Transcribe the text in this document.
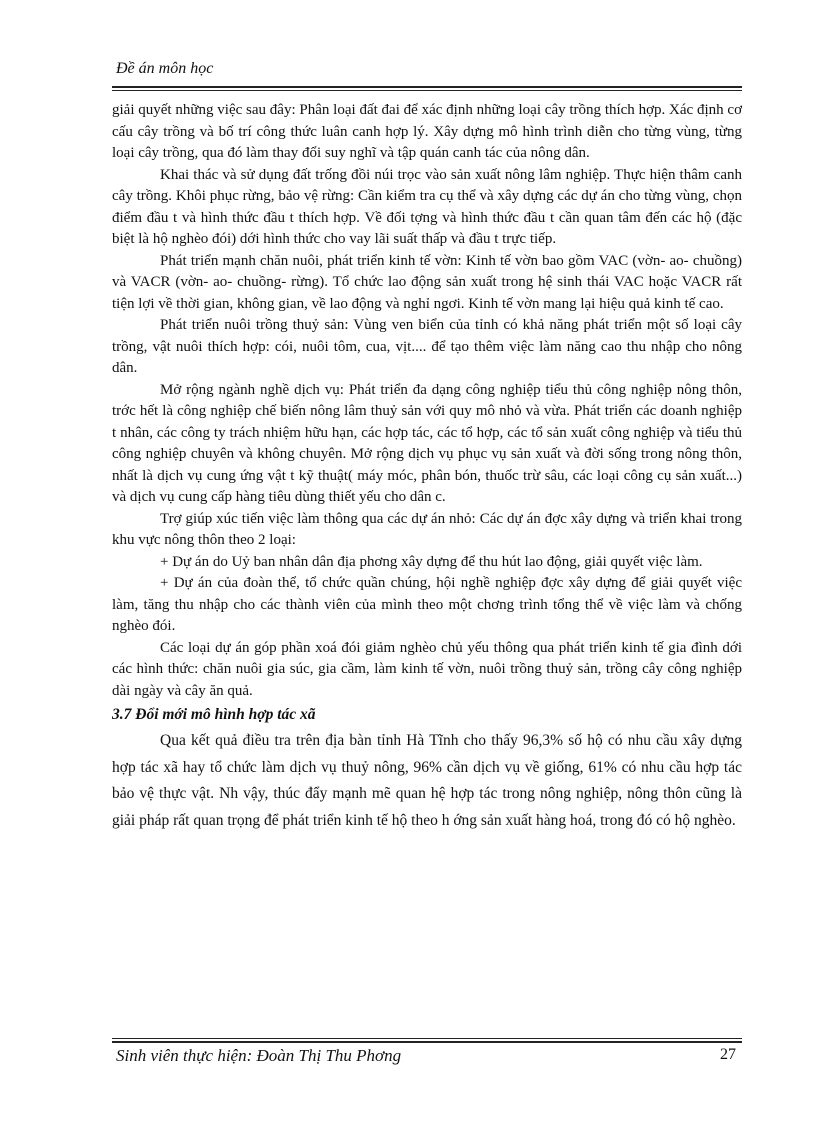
Đề án môn học

giải quyết những việc sau đây: Phân loại đất đai để xác định những loại cây trồng thích hợp. Xác định cơ cấu cây trồng và bố trí công thức luân canh hợp lý. Xây dựng mô hình trình diễn cho từng vùng, từng loại cây trồng, qua đó làm thay đổi suy nghĩ và tập quán canh tác của nông dân.

Khai thác và sử dụng đất trống đồi núi trọc vào sản xuất nông lâm nghiệp. Thực hiện thâm canh cây trồng. Khôi phục rừng, bảo vệ rừng: Cần kiểm tra cụ thể và xây dựng các dự án cho từng vùng, chọn điểm đầu t và hình thức đầu t thích hợp. Về đối tợng và hình thức đầu t cần quan tâm đến các hộ (đặc biệt là hộ nghèo đói) dới hình thức cho vay lãi suất thấp và đầu t trực tiếp.

Phát triển mạnh chăn nuôi, phát triển kinh tế vờn: Kinh tế vờn bao gồm VAC (vờn- ao- chuồng) và VACR (vờn- ao- chuồng- rừng). Tổ chức lao động sản xuất trong hệ sinh thái VAC hoặc VACR rất tiện lợi về thời gian, không gian, về lao động và nghỉ ngơi. Kinh tế vờn mang lại hiệu quả kinh tế cao.

Phát triển nuôi trồng thuỷ sản: Vùng ven biển của tỉnh có khả năng phát triển một số loại cây trồng, vật nuôi thích hợp: cói, nuôi tôm, cua, vịt.... để tạo thêm việc làm năng cao thu nhập cho nông dân.

Mở rộng ngành nghề dịch vụ: Phát triển đa dạng công nghiệp tiểu thủ công nghiệp nông thôn, trớc hết là công nghiệp chế biến nông lâm thuỷ sản với quy mô nhỏ và vừa. Phát triển các doanh nghiệp t nhân, các công ty trách nhiệm hữu hạn, các hợp tác, các tổ hợp, các tổ sản xuất công nghiệp và tiểu thủ công nghiệp chuyên và không chuyên. Mở rộng dịch vụ phục vụ sản xuất và đời sống trong nông thôn, nhất là dịch vụ cung ứng vật t kỹ thuật( máy móc, phân bón, thuốc trừ sâu, các loại công cụ sản xuất...) và dịch vụ cung cấp hàng tiêu dùng thiết yếu cho dân c.

Trợ giúp xúc tiến việc làm thông qua các dự án nhỏ: Các dự án đợc xây dựng và triển khai trong khu vực nông thôn theo 2 loại:

+ Dự án do Uỷ ban nhân dân địa phơng xây dựng để thu hút lao động, giải quyết việc làm.

+ Dự án của đoàn thể, tổ chức quần chúng, hội nghề nghiệp đợc xây dựng để giải quyết việc làm, tăng thu nhập cho các thành viên của mình theo một chơng trình tổng thể về việc làm và chống nghèo đói.

Các loại dự án góp phần xoá đói giảm nghèo chủ yếu thông qua phát triển kinh tế gia đình dới các hình thức: chăn nuôi gia súc, gia cầm, làm kinh tế vờn, nuôi trồng thuỷ sản, trồng cây công nghiệp dài ngày và cây ăn quả.

3.7 Đổi mới mô hình hợp tác xã

Qua kết quả điều tra trên địa bàn tỉnh Hà Tĩnh cho thấy 96,3% số hộ có nhu cầu xây dựng hợp tác xã hay tổ chức làm dịch vụ thuỷ nông, 96% cần dịch vụ về giống, 61% có nhu cầu hợp tác bảo vệ thực vật. Nh vậy, thúc đẩy mạnh mẽ quan hệ hợp tác trong nông nghiệp, nông thôn cũng là giải pháp rất quan trọng để phát triển kinh tế hộ theo h ớng sản xuất hàng hoá, trong đó có hộ nghèo.

Sinh viên thực hiện: Đoàn Thị Thu Phơng	27
